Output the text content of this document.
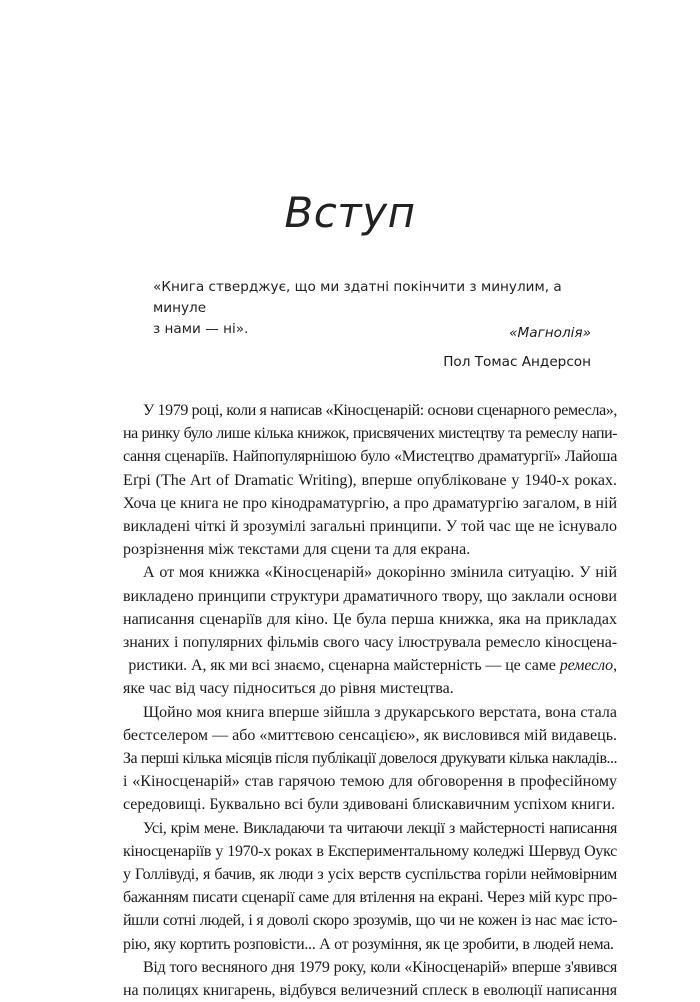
Вступ
«Книга стверджує, що ми здатні покінчити з минулим, а минуле
з нами — ні».	«Магнолія»
Пол Томас Андерсон
У 1979 році, коли я написав «Кіносценарій: основи сценарного ремесла»,
на ринку було лише кілька книжок, присвячених мистецтву та ремеслу напи-
сання сценаріїв. Найпопулярнішою було «Мистецтво драматургії» Лайоша
Еґрі (The Art of Dramatic Writing), вперше опубліковане у 1940-х роках.
Хоча це книга не про кінодраматургію, а про драматургію загалом, в ній
викладені чіткі й зрозумілі загальні принципи. У той час ще не існувало
розрізнення між текстами для сцени та для екрана.
А от моя книжка «Кіносценарій» докорінно змінила ситуацію. У ній
викладено принципи структури драматичного твору, що заклали основи
написання сценаріїв для кіно. Це була перша книжка, яка на прикладах
знаних і популярних фільмів свого часу ілюструвала ремесло кіносцена-
ристики. А, як ми всі знаємо, сценарна майстерність — це саме ремесло,
яке час від часу підноситься до рівня мистецтва.
Щойно моя книга вперше зійшла з друкарського верстата, вона стала
бестселером — або «миттєвою сенсацією», як висловився мій видавець.
За перші кілька місяців після публікації довелося друкувати кілька накладів...
і «Кіносценарій» став гарячою темою для обговорення в професійному
середовищі. Буквально всі були здивовані блискавичним успіхом книги.
Усі, крім мене. Викладаючи та читаючи лекції з майстерності написання
кіносценаріїв у 1970-х роках в Експериментальному коледжі Шервуд Оукс
у Голлівуді, я бачив, як люди з усіх верств суспільства горіли неймовірним
бажанням писати сценарії саме для втілення на екрані. Через мій курс про-
йшли сотні людей, і я доволі скоро зрозумів, що чи не кожен із нас має істо-
рію, яку кортить розповісти... А от розуміння, як це зробити, в людей нема.
Від того весняного дня 1979 року, коли «Кіносценарій» вперше з'явився
на полицях книгарень, відбувся величезний сплеск в еволюції написання
